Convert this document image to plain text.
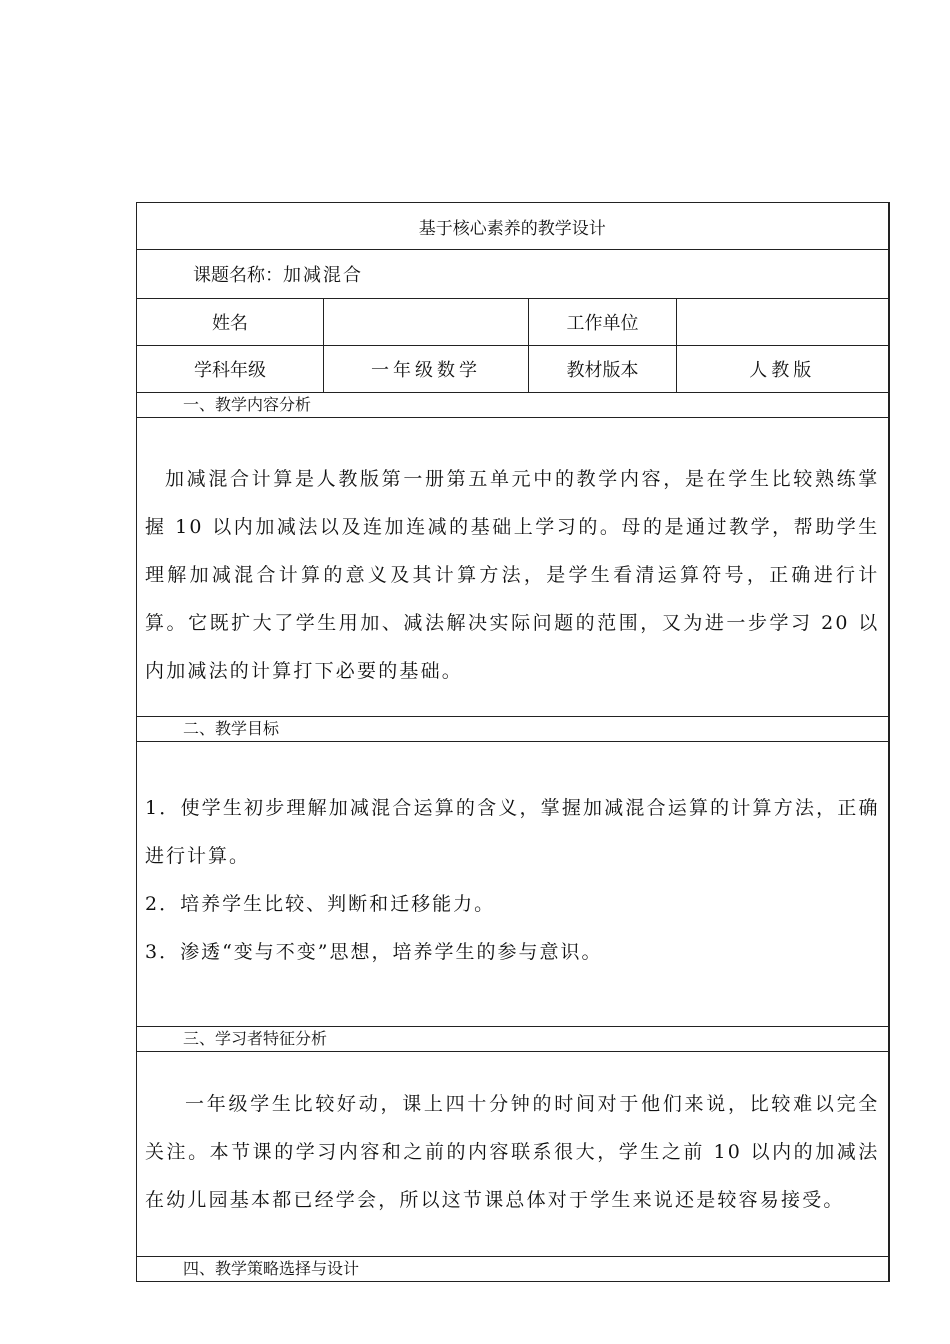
基于核心素养的教学设计			
课题名称：加减混合			
姓名		工作单位	
学科年级	一年级数学	教材版本	人教版
一、教学内容分析			

加减混合计算是人教版第一册第五单元中的教学内容，是在学生比较熟练掌握 10 以内加减法以及连加连减的基础上学习的。母的是通过教学，帮助学生理解加减混合计算的意义及其计算方法，是学生看清运算符号，正确进行计算。它既扩大了学生用加、减法解决实际问题的范围，又为进一步学习 20 以内加减法的计算打下必要的基础。			

二、教学目标			

1．使学生初步理解加减混合运算的含义，掌握加减混合运算的计算方法，正确进行计算。

2．培养学生比较、判断和迁移能力。

3．渗透“变与不变”思想，培养学生的参与意识。			

三、学习者特征分析			

一年级学生比较好动，课上四十分钟的时间对于他们来说，比较难以完全关注。本节课的学习内容和之前的内容联系很大，学生之前 10 以内的加减法在幼儿园基本都已经学会，所以这节课总体对于学生来说还是较容易接受。			

四、教学策略选择与设计			
